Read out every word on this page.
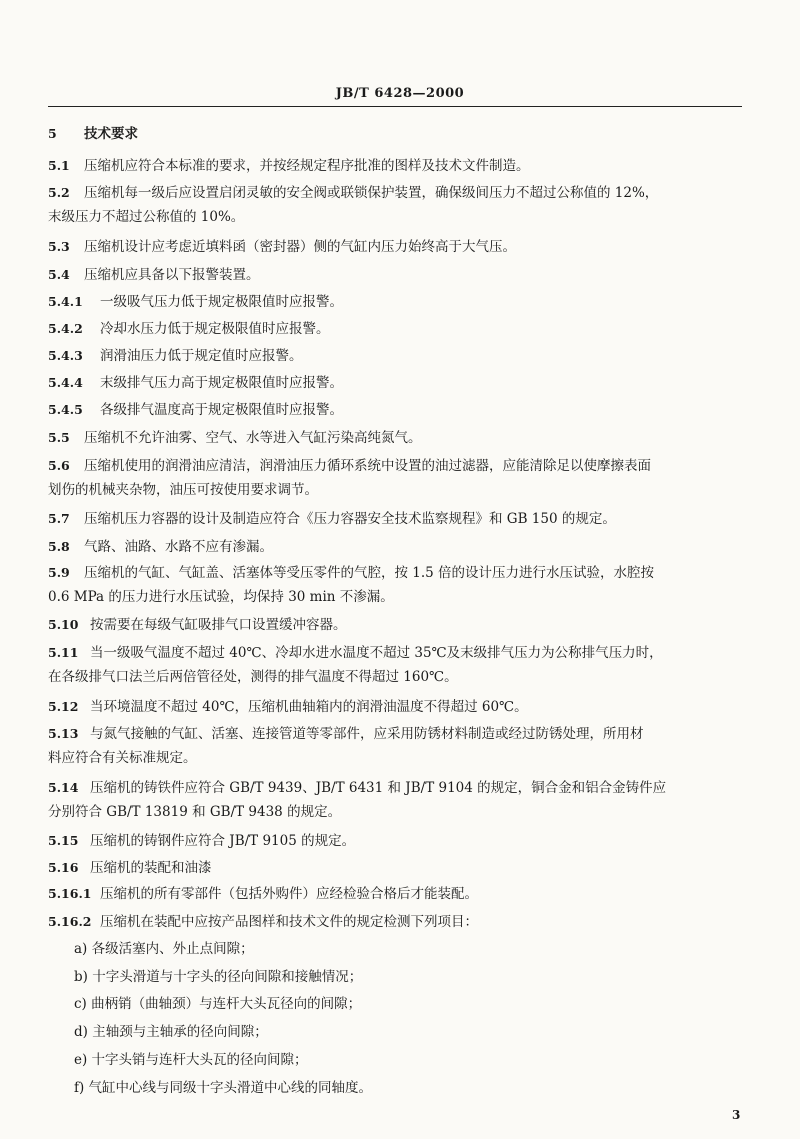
JB/T 6428—2000
5 技术要求
5.1 压缩机应符合本标准的要求，并按经规定程序批准的图样及技术文件制造。
5.2 压缩机每一级后应设置启闭灵敏的安全阀或联锁保护装置，确保级间压力不超过公称值的 12%，
末级压力不超过公称值的 10%。
5.3 压缩机设计应考虑近填料函（密封器）侧的气缸内压力始终高于大气压。
5.4 压缩机应具备以下报警装置。
5.4.1 一级吸气压力低于规定极限值时应报警。
5.4.2 冷却水压力低于规定极限值时应报警。
5.4.3 润滑油压力低于规定值时应报警。
5.4.4 末级排气压力高于规定极限值时应报警。
5.4.5 各级排气温度高于规定极限值时应报警。
5.5 压缩机不允许油雾、空气、水等进入气缸污染高纯氮气。
5.6 压缩机使用的润滑油应清洁，润滑油压力循环系统中设置的油过滤器，应能清除足以使摩擦表面
划伤的机械夹杂物，油压可按使用要求调节。
5.7 压缩机压力容器的设计及制造应符合《压力容器安全技术监察规程》和 GB 150 的规定。
5.8 气路、油路、水路不应有渗漏。
5.9 压缩机的气缸、气缸盖、活塞体等受压零件的气腔，按 1.5 倍的设计压力进行水压试验，水腔按
0.6 MPa 的压力进行水压试验，均保持 30 min 不渗漏。
5.10 按需要在每级气缸吸排气口设置缓冲容器。
5.11 当一级吸气温度不超过 40℃、冷却水进水温度不超过 35℃及末级排气压力为公称排气压力时，
在各级排气口法兰后两倍管径处，测得的排气温度不得超过 160℃。
5.12 当环境温度不超过 40℃，压缩机曲轴箱内的润滑油温度不得超过 60℃。
5.13 与氮气接触的气缸、活塞、连接管道等零部件，应采用防锈材料制造或经过防锈处理，所用材
料应符合有关标准规定。
5.14 压缩机的铸铁件应符合 GB/T 9439、JB/T 6431 和 JB/T 9104 的规定，铜合金和铝合金铸件应
分别符合 GB/T 13819 和 GB/T 9438 的规定。
5.15 压缩机的铸钢件应符合 JB/T 9105 的规定。
5.16 压缩机的装配和油漆
5.16.1 压缩机的所有零部件（包括外购件）应经检验合格后才能装配。
5.16.2 压缩机在装配中应按产品图样和技术文件的规定检测下列项目：
a) 各级活塞内、外止点间隙；
b) 十字头滑道与十字头的径向间隙和接触情况；
c) 曲柄销（曲轴颈）与连杆大头瓦径向的间隙；
d) 主轴颈与主轴承的径向间隙；
e) 十字头销与连杆大头瓦的径向间隙；
f) 气缸中心线与同级十字头滑道中心线的同轴度。
3
